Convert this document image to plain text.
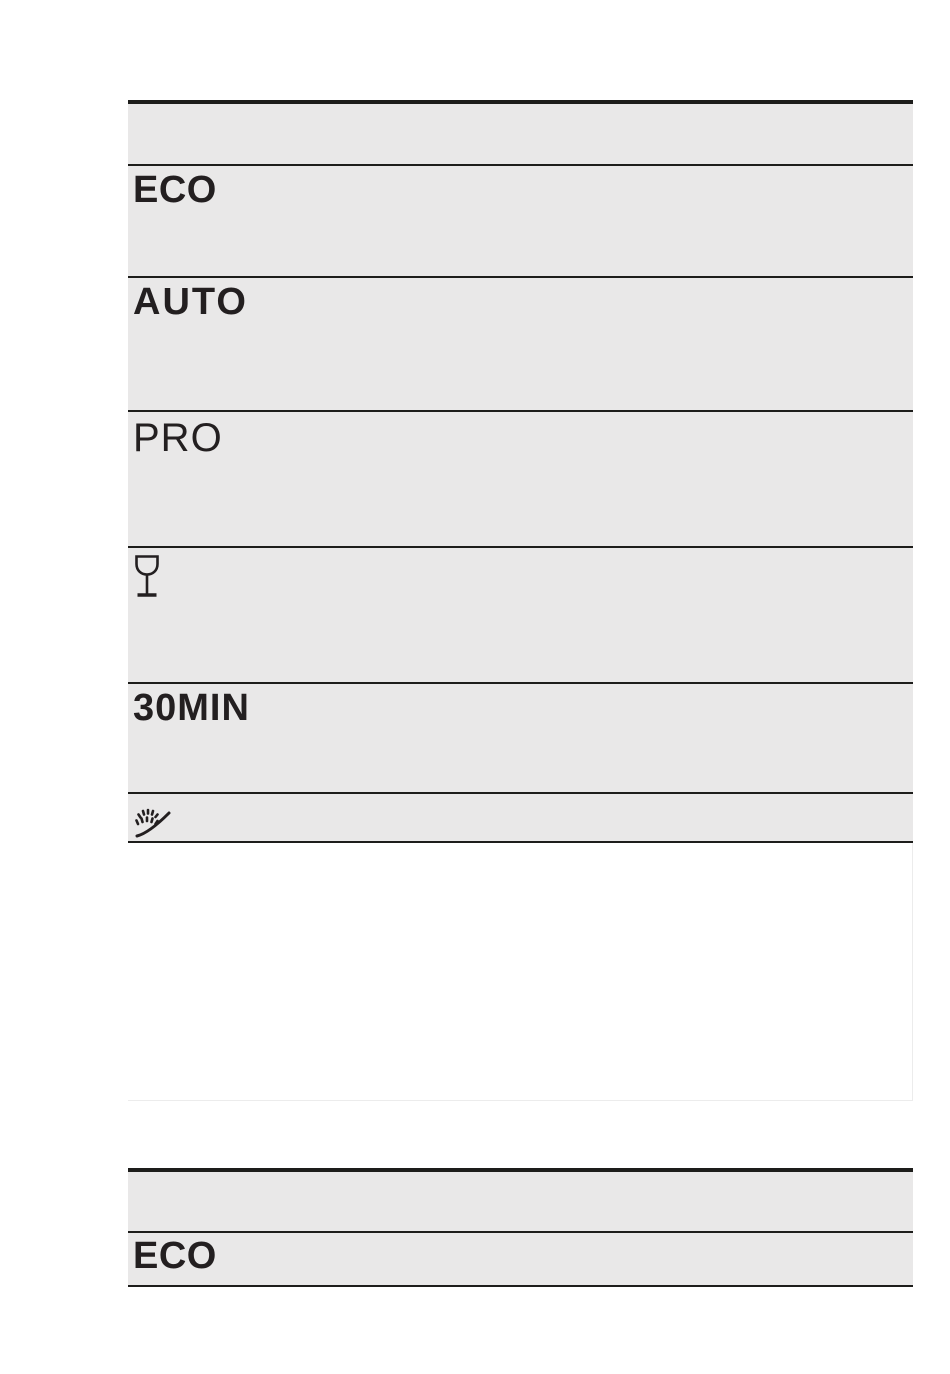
ECO
AUTO
PRO
30MIN
ECO
